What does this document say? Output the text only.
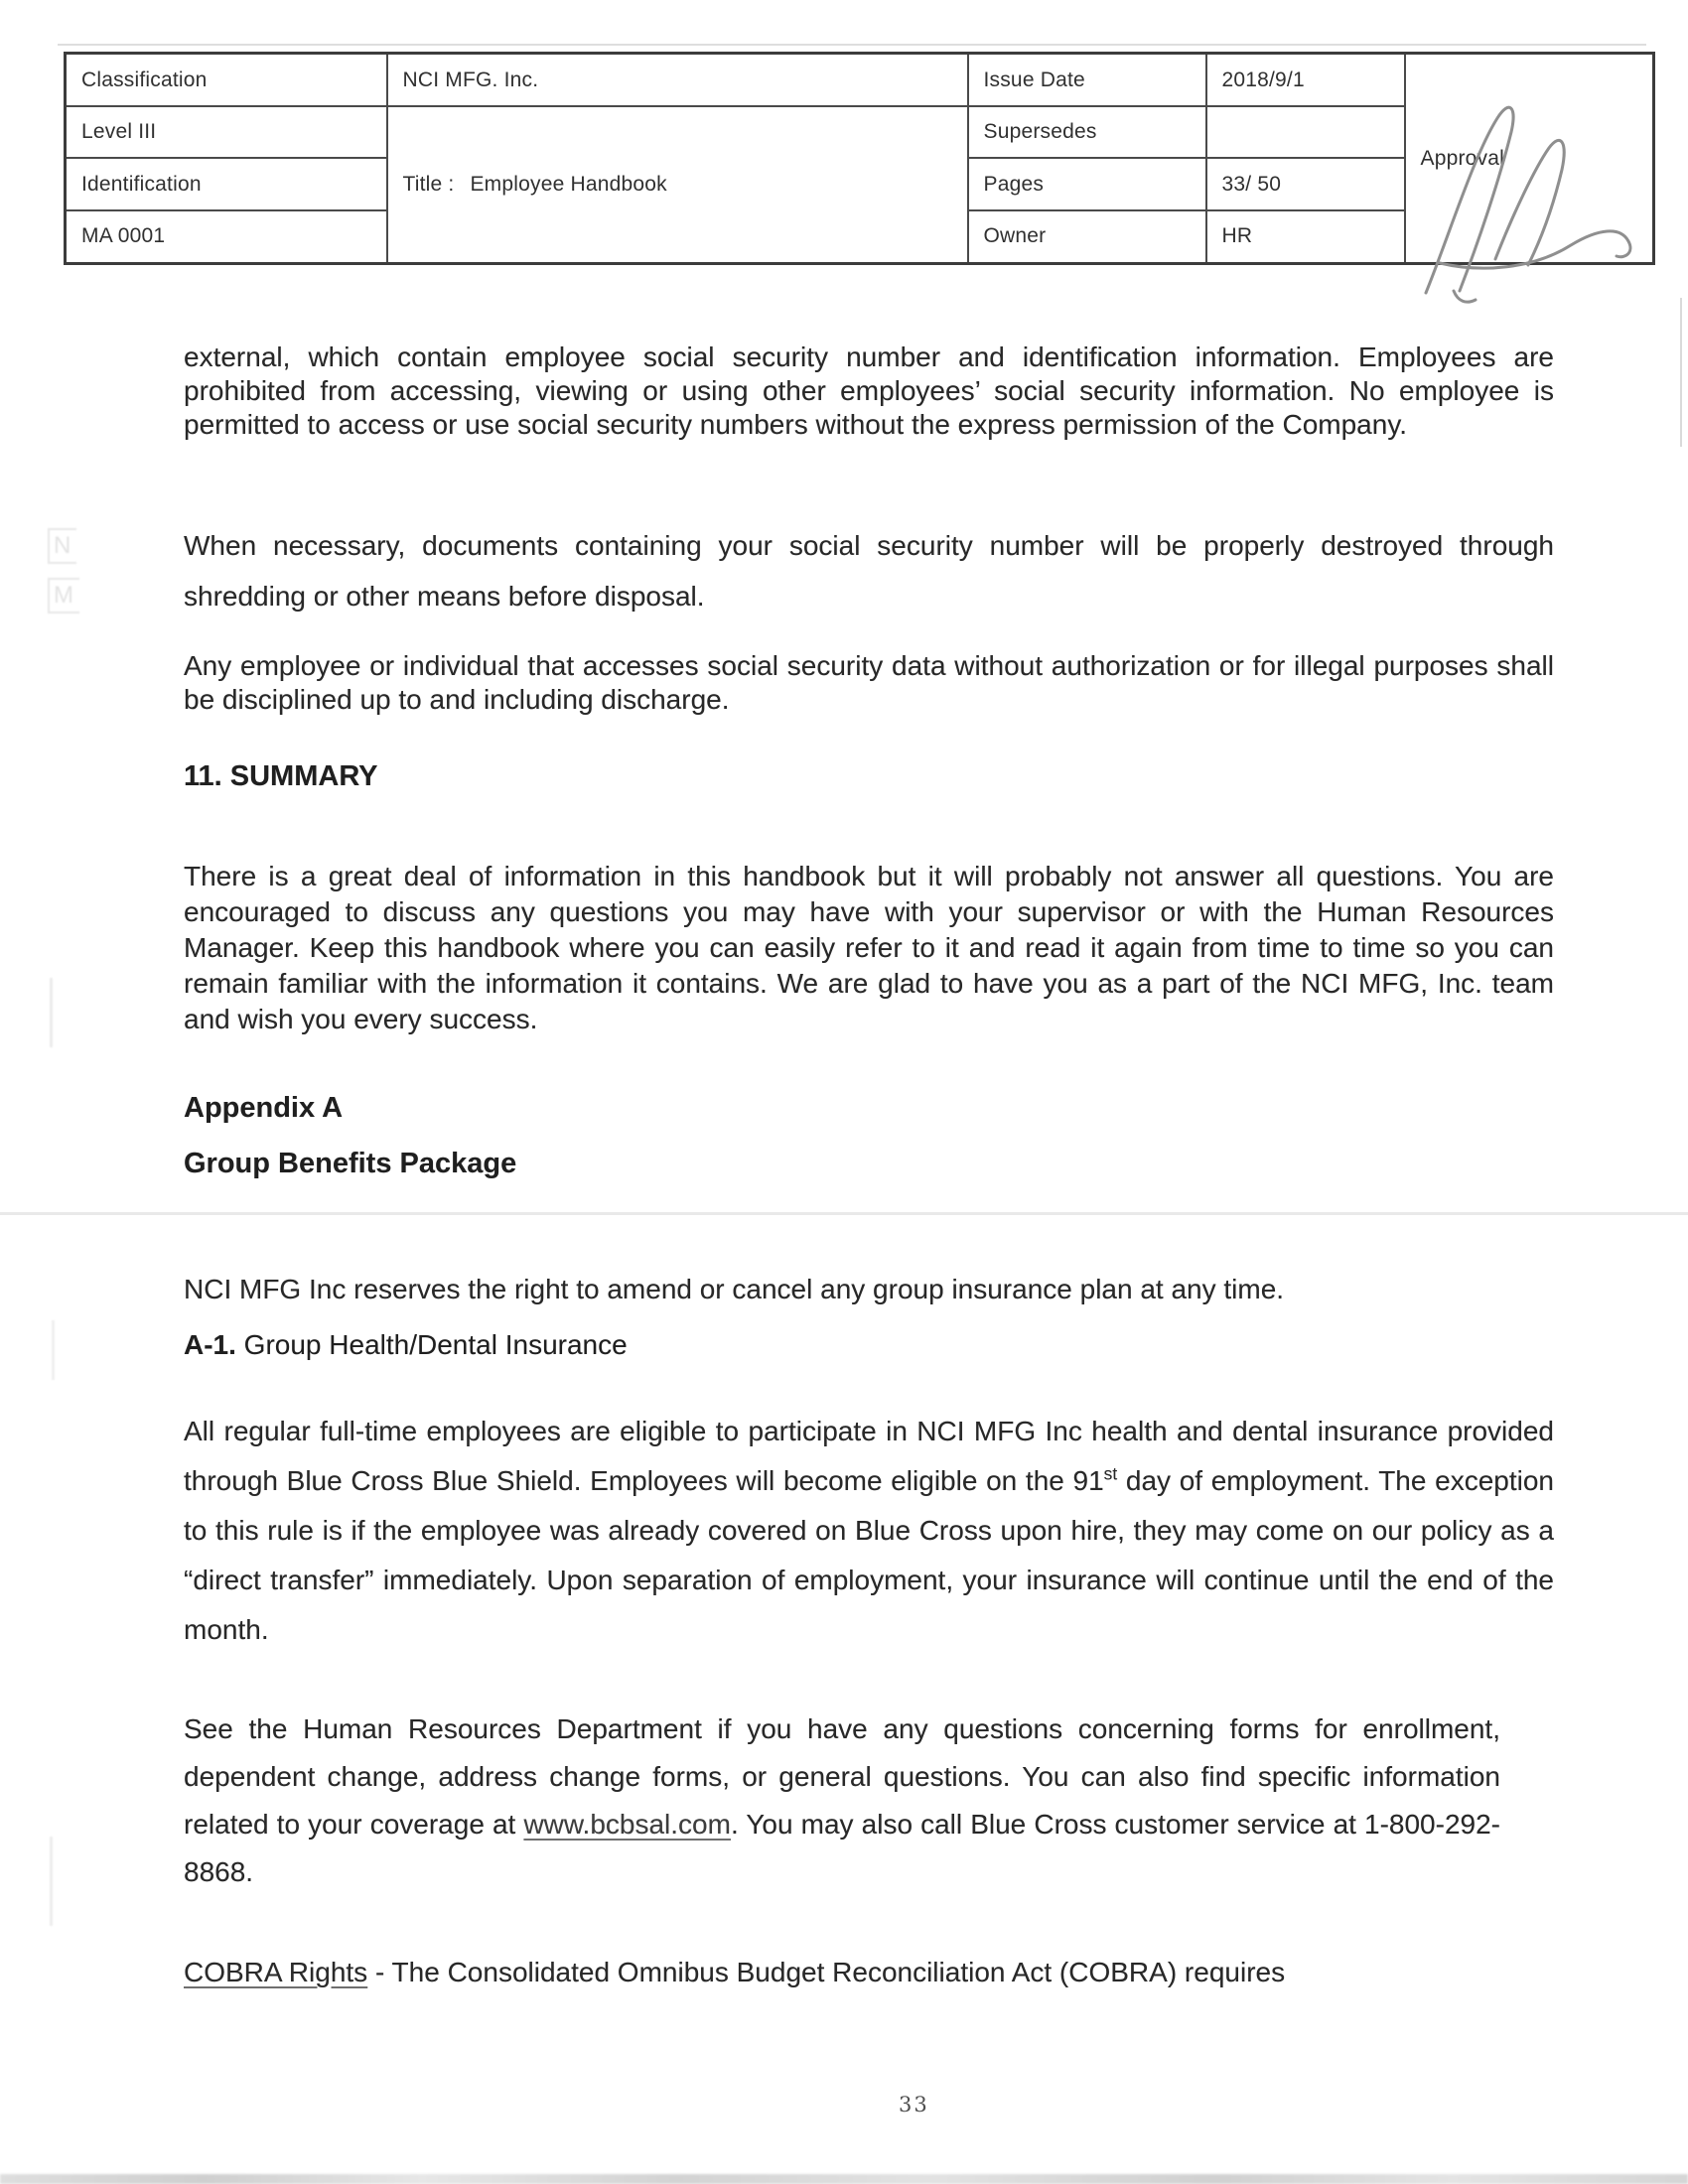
Classification	NCI MFG. Inc.	Issue Date	2018/9/1	Approval

Level III	Title : Employee Handbook	Supersedes		
Identification		Pages	33/ 50	
MA 0001		Owner	HR	

external, which contain employee social security number and identification information. Employees are prohibited from accessing, viewing or using other employees’ social security information. No employee is permitted to access or use social security numbers without the express permission of the Company.

When necessary, documents containing your social security number will be properly destroyed through shredding or other means before disposal.

Any employee or individual that accesses social security data without authorization or for illegal purposes shall be disciplined up to and including discharge.

11. SUMMARY

There is a great deal of information in this handbook but it will probably not answer all questions. You are encouraged to discuss any questions you may have with your supervisor or with the Human Resources Manager. Keep this handbook where you can easily refer to it and read it again from time to time so you can remain familiar with the information it contains. We are glad to have you as a part of the NCI MFG, Inc. team and wish you every success.

Appendix A
Group Benefits Package

NCI MFG Inc reserves the right to amend or cancel any group insurance plan at any time.

A-1. Group Health/Dental Insurance

All regular full-time employees are eligible to participate in NCI MFG Inc health and dental insurance provided through Blue Cross Blue Shield. Employees will become eligible on the 91st day of employment. The exception to this rule is if the employee was already covered on Blue Cross upon hire, they may come on our policy as a “direct transfer” immediately. Upon separation of employment, your insurance will continue until the end of the month.

See the Human Resources Department if you have any questions concerning forms for enrollment, dependent change, address change forms, or general questions. You can also find specific information related to your coverage at www.bcbsal.com. You may also call Blue Cross customer service at 1-800-292-8868.

COBRA Rights - The Consolidated Omnibus Budget Reconciliation Act (COBRA) requires

N
M
33
